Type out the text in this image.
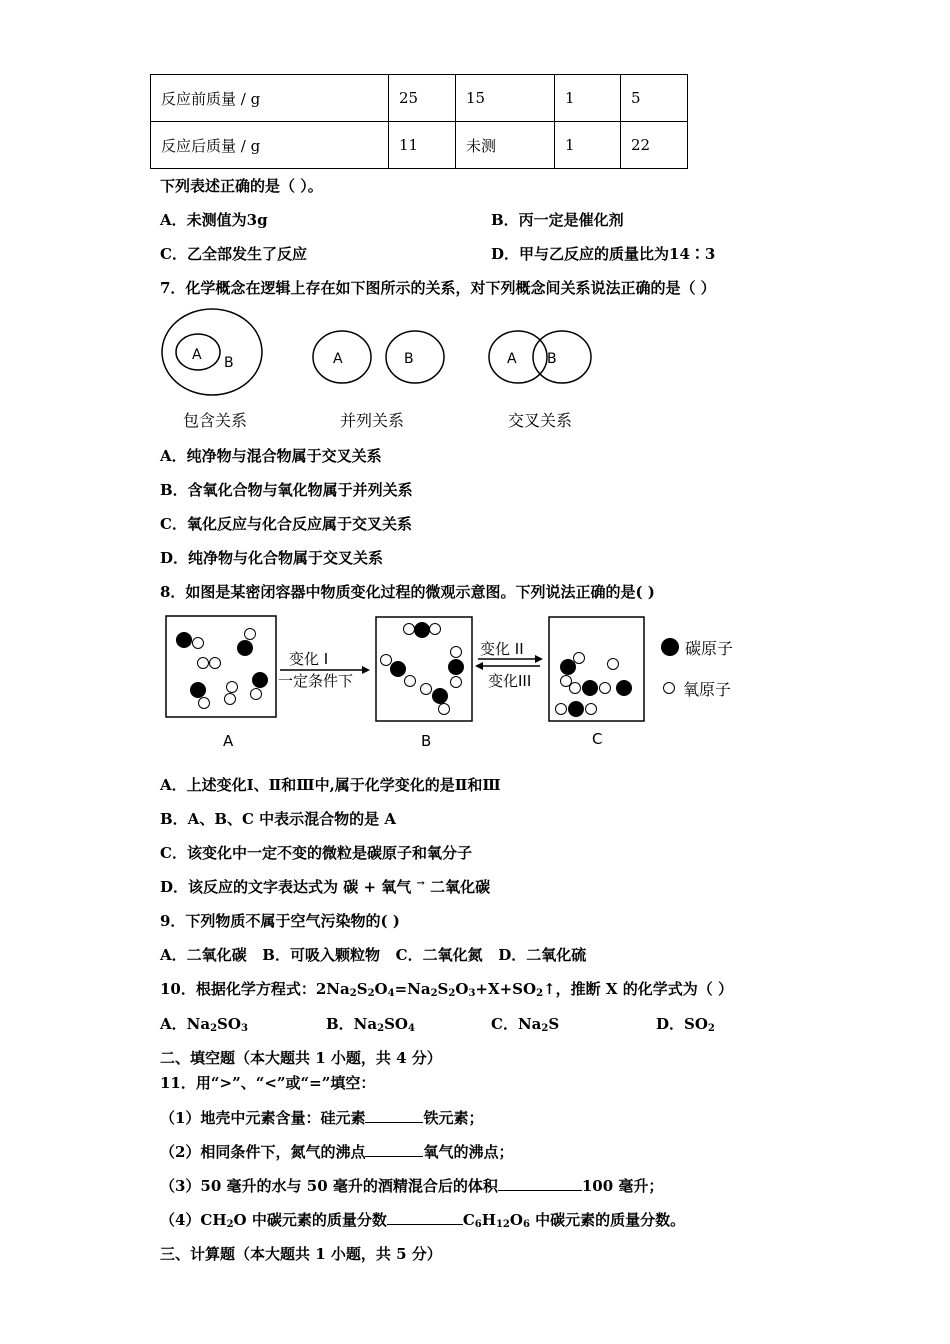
反应前质量 / g	25	15	1	5
反应后质量 / g	11	未测	1	22
下列表述正确的是（ ）。
A．未测值为3g	B．丙一定是催化剂
C．乙全部发生了反应	D．甲与乙反应的质量比为14∶3
7．化学概念在逻辑上存在如下图所示的关系，对下列概念间关系说法正确的是（ ）
A B	A	B	A B
包含关系	并列关系	交叉关系
A．纯净物与混合物属于交叉关系
B．含氧化合物与氧化物属于并列关系
C．氧化反应与化合反应属于交叉关系
D．纯净物与化合物属于交叉关系
8．如图是某密闭容器中物质变化过程的微观示意图。下列说法正确的是( )
A
变化 I
一定条件下
B
变化 II
变化III
C
碳原子
氧原子
A．上述变化Ⅰ、Ⅱ和Ⅲ中,属于化学变化的是Ⅱ和Ⅲ
B．A、B、C 中表示混合物的是 A
C．该变化中一定不变的微粒是碳原子和氧分子
D．该反应的文字表达式为 碳 + 氧气 → 二氧化碳
9．下列物质不属于空气污染物的( )
A．二氧化碳   B．可吸入颗粒物   C．二氧化氮   D．二氧化硫
10．根据化学方程式：$2Na_2S_2O_4=Na_2S_2O_3+X+SO_2↑$，推断 X 的化学式为（ ）
A．$Na_2SO_3$	B．$Na_2SO_4$	C．$Na_2S$	D．$SO_2$
二、填空题（本大题共 1 小题，共 4 分）
11．用“>”、“<”或“=”填空：
（1）地壳中元素含量：硅元素	铁元素；
（2）相同条件下，氮气的沸点	氧气的沸点；
（3）50 毫升的水与 50 毫升的酒精混合后的体积	100 毫升；
$(4)CH_2O$ 中碳元素的质量分数	$C_6H_{12}O_6$ 中碳元素的质量分数。
三、计算题（本大题共 1 小题，共 5 分）
